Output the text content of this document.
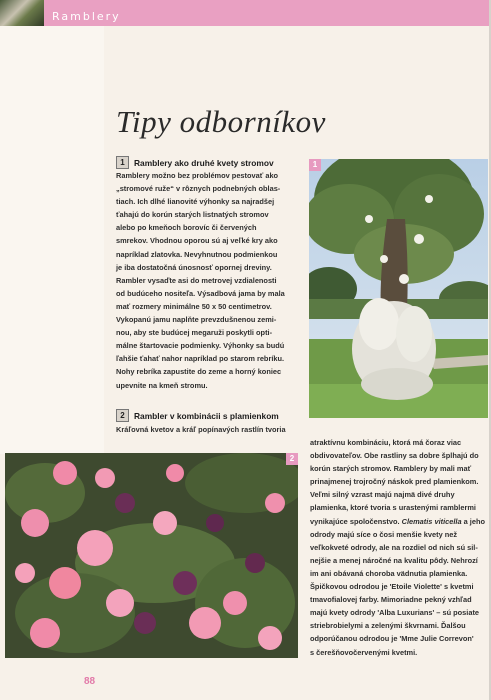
Ramblery
Tipy odborníkov
1 Ramblery ako druhé kvety stromov
Ramblery možno bez problémov pestovať ako
„stromové ruže“ v rôznych podnebných oblas-
tiach. Ich dlhé lianovité výhonky sa najradšej
ťahajú do korún starých listnatých stromov
alebo po kmeňoch borovíc či červených
smrekov. Vhodnou oporou sú aj veľké kry ako
napríklad zlatovka. Nevyhnutnou podmienkou
je iba dostatočná únosnosť opornej dreviny.
Rambler vysaďte asi do metrovej vzdialenosti
od budúceho nositeľa. Výsadbová jama by mala
mať rozmery minimálne 50 x 50 centimetrov.
Vykopanú jamu naplňte prevzdušnenou zemi-
nou, aby ste budúcej megaruži poskytli opti-
málne štartovacie podmienky. Výhonky sa budú
ľahšie ťahať nahor napríklad po starom rebríku.
Nohy rebríka zapustite do zeme a horný koniec
upevnite na kmeň stromu.
2 Rambler v kombinácii s plamienkom
Kráľovná kvetov a kráľ popínavých rastlín tvoria
atraktívnu kombináciu, ktorá má čoraz viac
obdivovateľov. Obe rastliny sa dobre šplhajú do
korún starých stromov. Ramblery by mali mať
prinajmenej trojročný náskok pred plamienkom.
Veľmi silný vzrast majú najmä divé druhy
plamienka, ktoré tvoria s urastenými ramblermi
vynikajúce spoločenstvo. Clematis viticella a jeho
odrody majú síce o čosi menšie kvety než
veľkokveté odrody, ale na rozdiel od nich sú sil-
nejšie a menej náročné na kvalitu pôdy. Nehrozí
im ani obávaná choroba vädnutia plamienka.
Špičkovou odrodou je 'Etoile Violette' s kvetmi
tmavofialovej farby. Mimoriadne pekný vzhľad
majú kvety odrody 'Alba Luxurians' – sú posiate
striebrobielymi a zelenými škvrnami. Ďalšou
odporúčanou odrodou je 'Mme Julie Correvon'
s čerešňovočervenými kvetmi.
1
2
88
